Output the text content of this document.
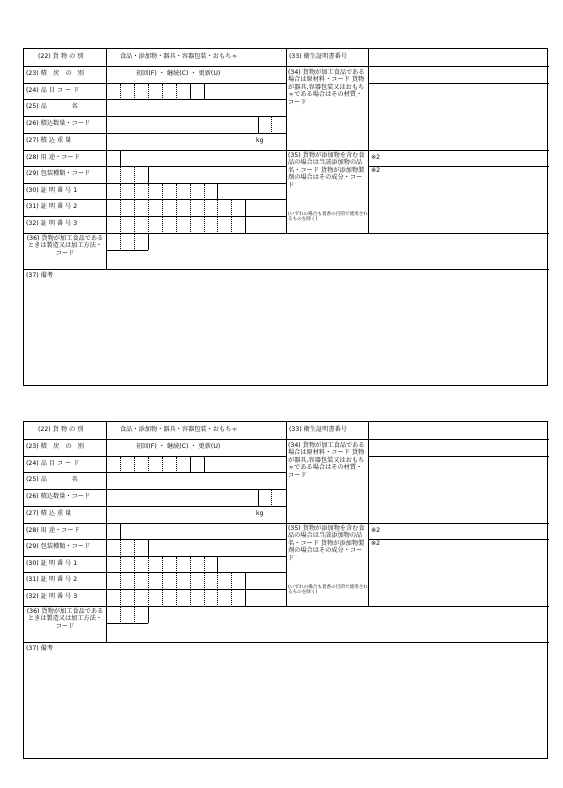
(22) 貨 物 の 別	食品・添加物・器具・容器包装・おもちゃ	(33) 衛生証明書番号
(23) 積　戻　の　別	初回(F) ・ 継続(C) ・ 更新(U)	(34) 貨物が加工食品である場合は原材料・コード 貨物が器具,容器包装又はおもちゃである場合はその材質・コード
(24) 品 目 コ ー ド
(25) 品　　　　名
(26) 積込数量・コード
(27) 積 込 重 量	kg
(28) 用 途・コード	(35) 貨物が添加物を含む食品の場合は当該添加物の品名・コード 貨物が添加物製剤の場合はその成分・コード
(いずれの場合も着香の目的で使用されるものを除く)
※2
※2
(29) 包装種類・コード
(30) 証 明 番 号 1
(31) 証 明 番 号 2
(32) 証 明 番 号 3
(36) 貨物が加工食品であるときは製造又は加工方法・コード
(37) 備考
(22) 貨 物 の 別	食品・添加物・器具・容器包装・おもちゃ	(33) 衛生証明書番号
(23) 積　戻　の　別	初回(F) ・ 継続(C) ・ 更新(U)	(34) 貨物が加工食品である場合は原材料・コード 貨物が器具,容器包装又はおもちゃである場合はその材質・コード
(24) 品 目 コ ー ド
(25) 品　　　　名
(26) 積込数量・コード
(27) 積 込 重 量	kg
(28) 用 途・コード	(35) 貨物が添加物を含む食品の場合は当該添加物の品名・コード 貨物が添加物製剤の場合はその成分・コード
(いずれの場合も着香の目的で使用されるものを除く)
※2
※2
(29) 包装種類・コード
(30) 証 明 番 号 1
(31) 証 明 番 号 2
(32) 証 明 番 号 3
(36) 貨物が加工食品であるときは製造又は加工方法・コード
(37) 備考
